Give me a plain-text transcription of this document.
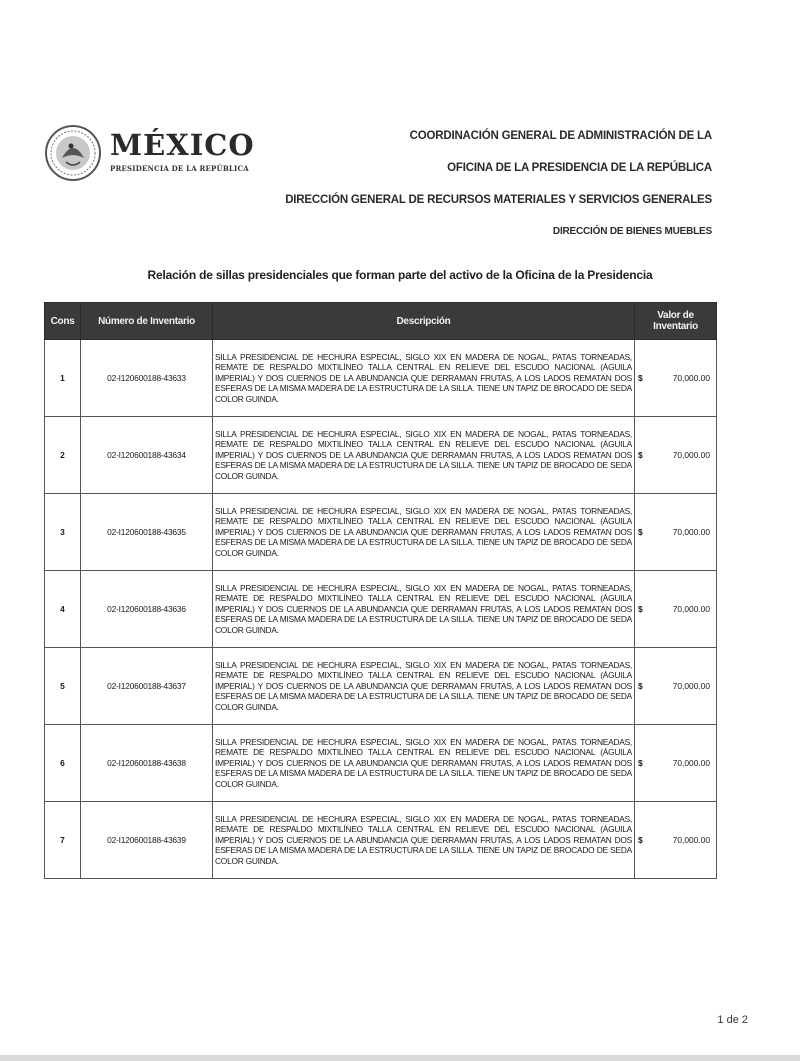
MÉXICO
PRESIDENCIA DE LA REPÚBLICA
COORDINACIÓN GENERAL DE ADMINISTRACIÓN DE LA
OFICINA DE LA PRESIDENCIA DE LA REPÚBLICA
DIRECCIÓN GENERAL DE RECURSOS MATERIALES Y SERVICIOS GENERALES
DIRECCIÓN DE BIENES MUEBLES
Relación de sillas presidenciales que forman parte del activo de la Oficina de la Presidencia
Cons	Número de Inventario	Descripción	Valor de Inventario
1	02-I120600188-43633	SILLA PRESIDENCIAL DE HECHURA ESPECIAL, SIGLO XIX EN MADERA DE NOGAL, PATAS TORNEADAS, REMATE DE RESPALDO MIXTILÍNEO TALLA CENTRAL EN RELIEVE DEL ESCUDO NACIONAL (ÁGUILA IMPERIAL) Y DOS CUERNOS DE LA ABUNDANCIA QUE DERRAMAN FRUTAS, A LOS LADOS REMATAN DOS ESFERAS DE LA MISMA MADERA DE LA ESTRUCTURA DE LA SILLA. TIENE UN TAPIZ DE BROCADO DE SEDA COLOR GUINDA.	$ 70,000.00

2	02-I120600188-43634	SILLA PRESIDENCIAL DE HECHURA ESPECIAL, SIGLO XIX EN MADERA DE NOGAL, PATAS TORNEADAS, REMATE DE RESPALDO MIXTILÍNEO TALLA CENTRAL EN RELIEVE DEL ESCUDO NACIONAL (ÁGUILA IMPERIAL) Y DOS CUERNOS DE LA ABUNDANCIA QUE DERRAMAN FRUTAS, A LOS LADOS REMATAN DOS ESFERAS DE LA MISMA MADERA DE LA ESTRUCTURA DE LA SILLA. TIENE UN TAPIZ DE BROCADO DE SEDA COLOR GUINDA.	$ 70,000.00

3	02-I120600188-43635	SILLA PRESIDENCIAL DE HECHURA ESPECIAL, SIGLO XIX EN MADERA DE NOGAL, PATAS TORNEADAS, REMATE DE RESPALDO MIXTILÍNEO TALLA CENTRAL EN RELIEVE DEL ESCUDO NACIONAL (ÁGUILA IMPERIAL) Y DOS CUERNOS DE LA ABUNDANCIA QUE DERRAMAN FRUTAS, A LOS LADOS REMATAN DOS ESFERAS DE LA MISMA MADERA DE LA ESTRUCTURA DE LA SILLA. TIENE UN TAPIZ DE BROCADO DE SEDA COLOR GUINDA.	$ 70,000.00

4	02-I120600188-43636	SILLA PRESIDENCIAL DE HECHURA ESPECIAL, SIGLO XIX EN MADERA DE NOGAL, PATAS TORNEADAS, REMATE DE RESPALDO MIXTILÍNEO TALLA CENTRAL EN RELIEVE DEL ESCUDO NACIONAL (ÁGUILA IMPERIAL) Y DOS CUERNOS DE LA ABUNDANCIA QUE DERRAMAN FRUTAS, A LOS LADOS REMATAN DOS ESFERAS DE LA MISMA MADERA DE LA ESTRUCTURA DE LA SILLA. TIENE UN TAPIZ DE BROCADO DE SEDA COLOR GUINDA.	$ 70,000.00

5	02-I120600188-43637	SILLA PRESIDENCIAL DE HECHURA ESPECIAL, SIGLO XIX EN MADERA DE NOGAL, PATAS TORNEADAS, REMATE DE RESPALDO MIXTILÍNEO TALLA CENTRAL EN RELIEVE DEL ESCUDO NACIONAL (ÁGUILA IMPERIAL) Y DOS CUERNOS DE LA ABUNDANCIA QUE DERRAMAN FRUTAS, A LOS LADOS REMATAN DOS ESFERAS DE LA MISMA MADERA DE LA ESTRUCTURA DE LA SILLA. TIENE UN TAPIZ DE BROCADO DE SEDA COLOR GUINDA.	$ 70,000.00

6	02-I120600188-43638	SILLA PRESIDENCIAL DE HECHURA ESPECIAL, SIGLO XIX EN MADERA DE NOGAL, PATAS TORNEADAS, REMATE DE RESPALDO MIXTILÍNEO TALLA CENTRAL EN RELIEVE DEL ESCUDO NACIONAL (ÁGUILA IMPERIAL) Y DOS CUERNOS DE LA ABUNDANCIA QUE DERRAMAN FRUTAS, A LOS LADOS REMATAN DOS ESFERAS DE LA MISMA MADERA DE LA ESTRUCTURA DE LA SILLA. TIENE UN TAPIZ DE BROCADO DE SEDA COLOR GUINDA.	$ 70,000.00

7	02-I120600188-43639	SILLA PRESIDENCIAL DE HECHURA ESPECIAL, SIGLO XIX EN MADERA DE NOGAL, PATAS TORNEADAS, REMATE DE RESPALDO MIXTILÍNEO TALLA CENTRAL EN RELIEVE DEL ESCUDO NACIONAL (ÁGUILA IMPERIAL) Y DOS CUERNOS DE LA ABUNDANCIA QUE DERRAMAN FRUTAS, A LOS LADOS REMATAN DOS ESFERAS DE LA MISMA MADERA DE LA ESTRUCTURA DE LA SILLA. TIENE UN TAPIZ DE BROCADO DE SEDA COLOR GUINDA.	$ 70,000.00
1 de 2
